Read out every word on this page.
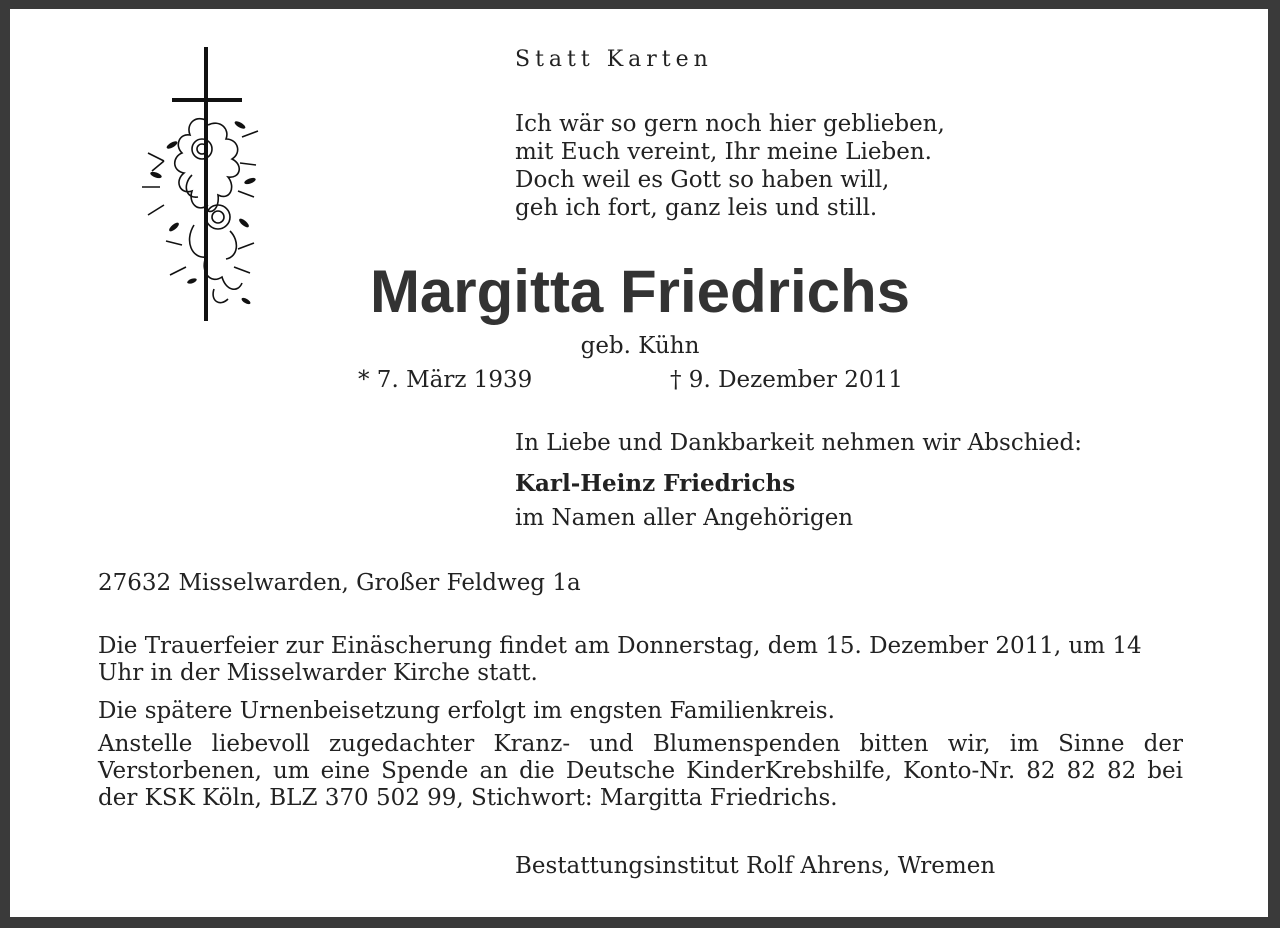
Statt Karten
Ich wär so gern noch hier geblieben,
mit Euch vereint, Ihr meine Lieben.
Doch weil es Gott so haben will,
geh ich fort, ganz leis und still.
Margitta Friedrichs
geb. Kühn
* 7. März 1939	† 9. Dezember 2011
In Liebe und Dankbarkeit nehmen wir Abschied:
Karl-Heinz Friedrichs
im Namen aller Angehörigen
27632 Misselwarden, Großer Feldweg 1a
Die Trauerfeier zur Einäscherung findet am Donnerstag, dem 15. Dezember 2011, um 14 Uhr in der Misselwarder Kirche statt.
Die spätere Urnenbeisetzung erfolgt im engsten Familienkreis.
Anstelle liebevoll zugedachter Kranz- und Blumenspenden bitten wir, im Sinne der Verstorbenen, um eine Spende an die Deutsche KinderKrebshilfe, Konto-Nr. 82 82 82 bei der KSK Köln, BLZ 370 502 99, Stichwort: Margitta Friedrichs.
Bestattungsinstitut Rolf Ahrens, Wremen
